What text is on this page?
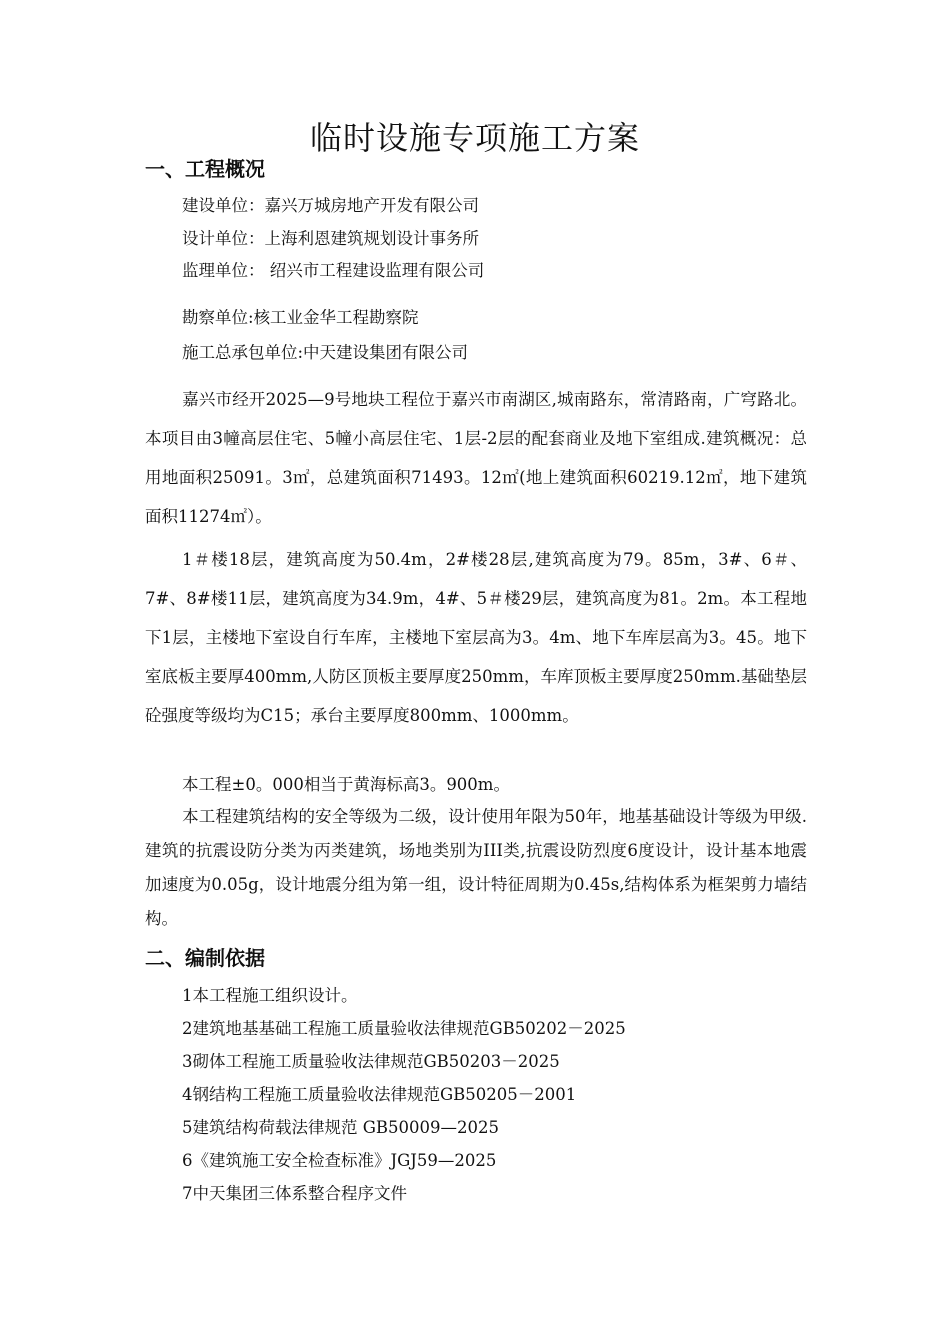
临时设施专项施工方案
一、工程概况
建设单位：嘉兴万城房地产开发有限公司
设计单位：上海利恩建筑规划设计事务所
监理单位： 绍兴市工程建设监理有限公司
勘察单位:核工业金华工程勘察院
施工总承包单位:中天建设集团有限公司
嘉兴市经开2025—9号地块工程位于嘉兴市南湖区,城南路东，常清路南，广穹路北。本项目由3幢高层住宅、5幢小高层住宅、1层-2层的配套商业及地下室组成.建筑概况：总用地面积25091。3㎡，总建筑面积71493。12㎡(地上建筑面积60219.12㎡，地下建筑面积11274㎡）。
1＃楼18层，建筑高度为50.4m，2#楼28层,建筑高度为79。85m，3#、6＃、7#、8#楼11层，建筑高度为34.9m，4#、5＃楼29层，建筑高度为81。2m。本工程地下1层，主楼地下室设自行车库，主楼地下室层高为3。4m、地下车库层高为3。45。地下室底板主要厚400mm,人防区顶板主要厚度250mm，车库顶板主要厚度250mm.基础垫层砼强度等级均为C15；承台主要厚度800mm、1000mm。
本工程±0。000相当于黄海标高3。900m。
本工程建筑结构的安全等级为二级，设计使用年限为50年，地基基础设计等级为甲级.建筑的抗震设防分类为丙类建筑，场地类别为III类,抗震设防烈度6度设计，设计基本地震加速度为0.05g，设计地震分组为第一组，设计特征周期为0.45s,结构体系为框架剪力墙结构。
二、编制依据
1本工程施工组织设计。
2建筑地基基础工程施工质量验收法律规范GB50202－2025
3砌体工程施工质量验收法律规范GB50203－2025
4钢结构工程施工质量验收法律规范GB50205－2001
5建筑结构荷载法律规范 GB50009—2025
6《建筑施工安全检查标准》JGJ59—2025
7中天集团三体系整合程序文件
